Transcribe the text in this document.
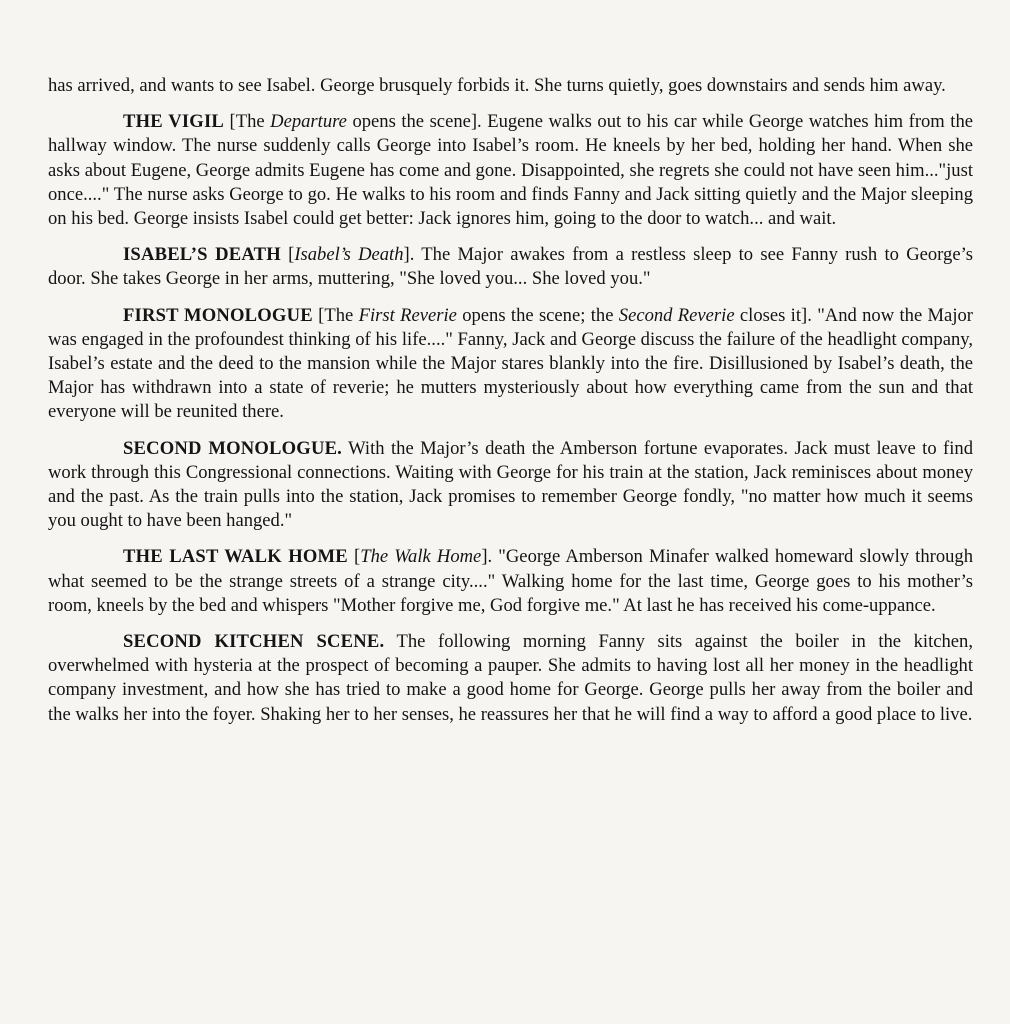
has arrived, and wants to see Isabel. George brusquely forbids it. She turns quietly, goes downstairs and sends him away.

THE VIGIL [The Departure opens the scene]. Eugene walks out to his car while George watches him from the hallway window. The nurse suddenly calls George into Isabel’s room. He kneels by her bed, holding her hand. When she asks about Eugene, George admits Eugene has come and gone. Disappointed, she regrets she could not have seen him..."just once...." The nurse asks George to go. He walks to his room and finds Fanny and Jack sitting quietly and the Major sleeping on his bed. George insists Isabel could get better: Jack ignores him, going to the door to watch... and wait.

ISABEL’S DEATH [Isabel’s Death]. The Major awakes from a restless sleep to see Fanny rush to George’s door. She takes George in her arms, muttering, "She loved you... She loved you."

FIRST MONOLOGUE [The First Reverie opens the scene; the Second Reverie closes it]. "And now the Major was engaged in the profoundest thinking of his life...." Fanny, Jack and George discuss the failure of the headlight company, Isabel’s estate and the deed to the mansion while the Major stares blankly into the fire. Disillusioned by Isabel’s death, the Major has withdrawn into a state of reverie; he mutters mysteriously about how everything came from the sun and that everyone will be reunited there.

SECOND MONOLOGUE. With the Major’s death the Amberson fortune evaporates. Jack must leave to find work through this Congressional connections. Waiting with George for his train at the station, Jack reminisces about money and the past. As the train pulls into the station, Jack promises to remember George fondly, "no matter how much it seems you ought to have been hanged."

THE LAST WALK HOME [The Walk Home]. "George Amberson Minafer walked homeward slowly through what seemed to be the strange streets of a strange city...." Walking home for the last time, George goes to his mother’s room, kneels by the bed and whispers "Mother forgive me, God forgive me." At last he has received his come-uppance.

SECOND KITCHEN SCENE. The following morning Fanny sits against the boiler in the kitchen, overwhelmed with hysteria at the prospect of becoming a pauper. She admits to having lost all her money in the headlight company investment, and how she has tried to make a good home for George. George pulls her away from the boiler and the walks her into the foyer. Shaking her to her senses, he reassures her that he will find a way to afford a good place to live.
